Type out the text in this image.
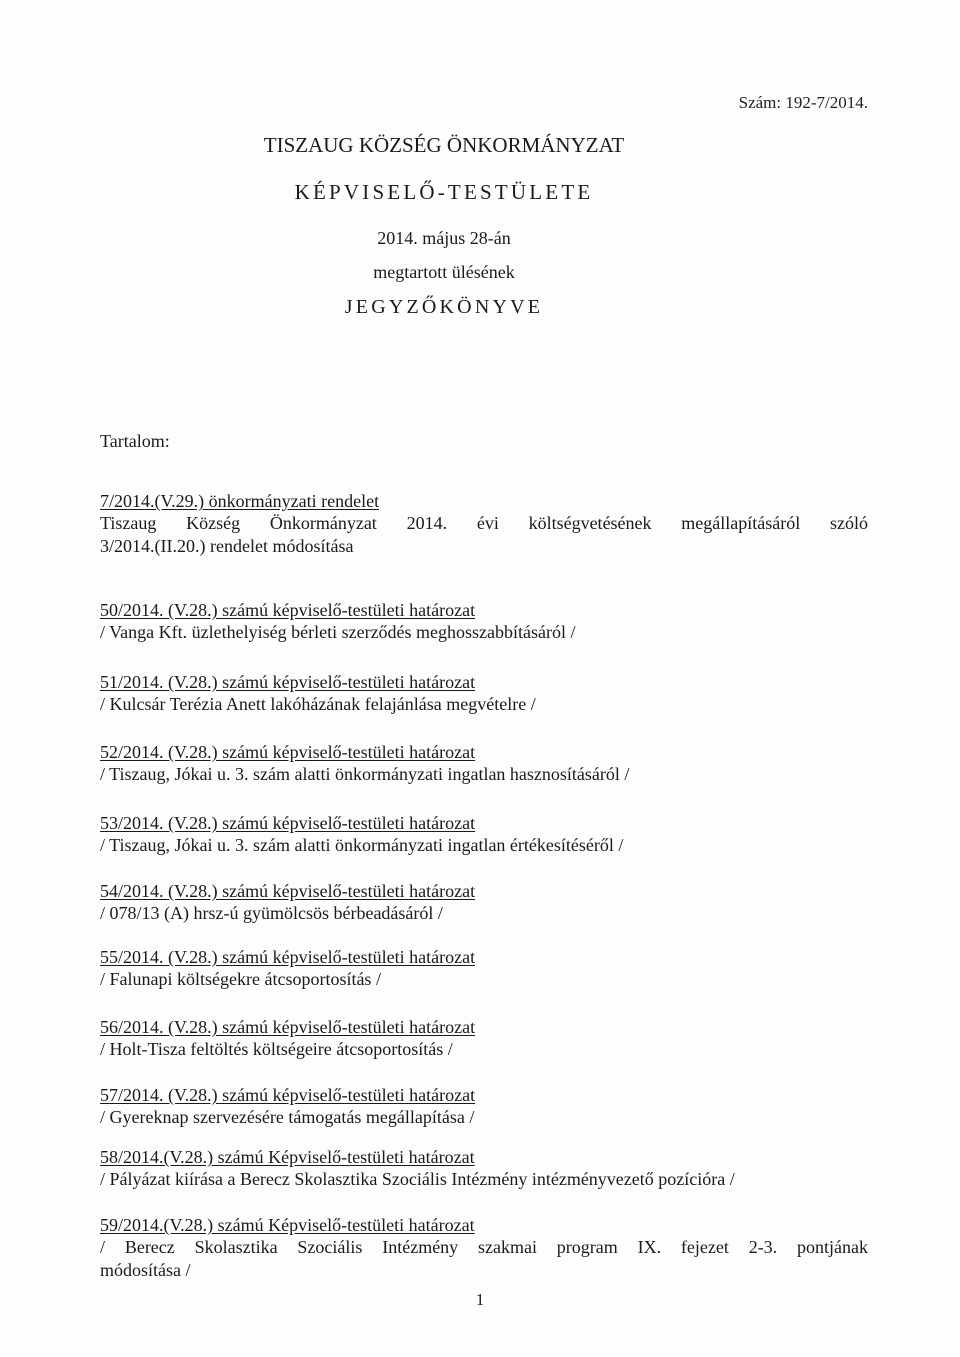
Szám: 192-7/2014.
TISZAUG KÖZSÉG ÖNKORMÁNYZAT
KÉPVISELŐ-TESTÜLETE
2014. május 28-án
megtartott ülésének
JEGYZŐKÖNYVE
Tartalom:
7/2014.(V.29.) önkormányzati rendelet
Tiszaug Község Önkormányzat 2014. évi költségvetésének megállapításáról szóló
3/2014.(II.20.) rendelet módosítása
50/2014. (V.28.) számú képviselő-testületi határozat
/ Vanga Kft. üzlethelyiség bérleti szerződés meghosszabbításáról /
51/2014. (V.28.) számú képviselő-testületi határozat
/ Kulcsár Terézia Anett lakóházának felajánlása megvételre /
52/2014. (V.28.) számú képviselő-testületi határozat
/ Tiszaug, Jókai u. 3. szám alatti önkormányzati ingatlan hasznosításáról /
53/2014. (V.28.) számú képviselő-testületi határozat
/ Tiszaug, Jókai u. 3. szám alatti önkormányzati ingatlan értékesítéséről /
54/2014. (V.28.) számú képviselő-testületi határozat
/ 078/13 (A) hrsz-ú gyümölcsös bérbeadásáról /
55/2014. (V.28.) számú képviselő-testületi határozat
/ Falunapi költségekre átcsoportosítás /
56/2014. (V.28.) számú képviselő-testületi határozat
/ Holt-Tisza feltöltés költségeire átcsoportosítás /
57/2014. (V.28.) számú képviselő-testületi határozat
/ Gyereknap szervezésére támogatás megállapítása /
58/2014.(V.28.) számú Képviselő-testületi határozat
/ Pályázat kiírása a Berecz Skolasztika Szociális Intézmény intézményvezető pozícióra /
59/2014.(V.28.) számú Képviselő-testületi határozat
/ Berecz Skolasztika Szociális Intézmény szakmai program IX. fejezet 2-3. pontjának
módosítása /
1
